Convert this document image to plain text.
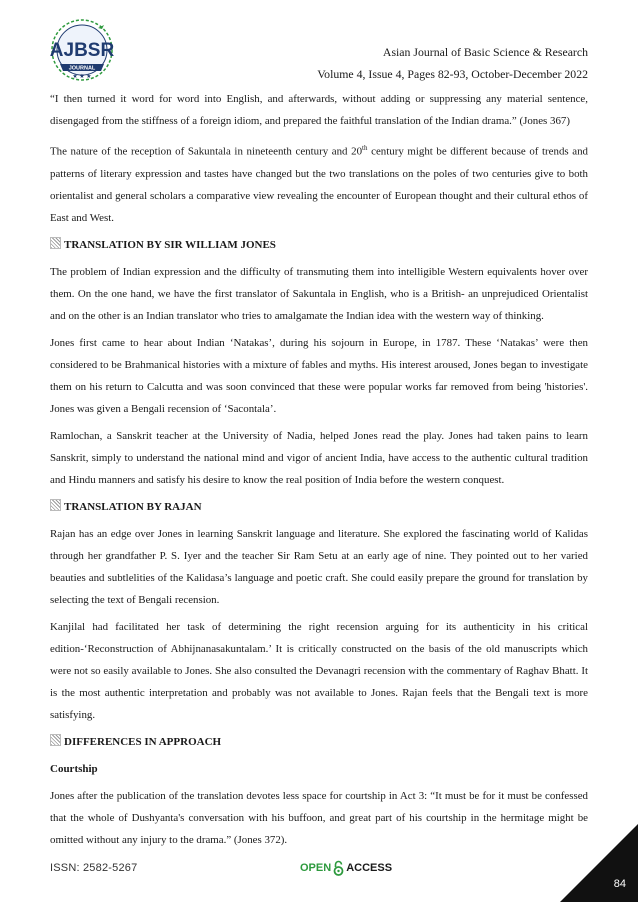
AJBSR
JOURNAL
★ ★ ★
Asian Journal of Basic Science & Research
Volume 4, Issue 4, Pages 82-93, October-December 2022

“I then turned it word for word into English, and afterwards, without adding or suppressing any material sentence, disengaged from the stiffness of a foreign idiom, and prepared the faithful translation of the Indian drama.” (Jones 367)

The nature of the reception of Sakuntala in nineteenth century and 20th century might be different because of trends and patterns of literary expression and tastes have changed but the two translations on the poles of two centuries give to both orientalist and general scholars a comparative view revealing the encounter of European thought and their cultural ethos of East and West.

TRANSLATION BY SIR WILLIAM JONES

The problem of Indian expression and the difficulty of transmuting them into intelligible Western equivalents hover over them. On the one hand, we have the first translator of Sakuntala in English, who is a British- an unprejudiced Orientalist and on the other is an Indian translator who tries to amalgamate the Indian idea with the western way of thinking.

Jones first came to hear about Indian ‘Natakas’, during his sojourn in Europe, in 1787. These ‘Natakas’ were then considered to be Brahmanical histories with a mixture of fables and myths. His interest aroused, Jones began to investigate them on his return to Calcutta and was soon convinced that these were popular works far removed from being 'histories'. Jones was given a Bengali recension of ‘Sacontala’.

Ramlochan, a Sanskrit teacher at the University of Nadia, helped Jones read the play. Jones had taken pains to learn Sanskrit, simply to understand the national mind and vigor of ancient India, have access to the authentic cultural tradition and Hindu manners and satisfy his desire to know the real position of India before the western conquest.

TRANSLATION BY RAJAN

Rajan has an edge over Jones in learning Sanskrit language and literature. She explored the fascinating world of Kalidas through her grandfather P. S. Iyer and the teacher Sir Ram Setu at an early age of nine. They pointed out to her varied beauties and subtlelities of the Kalidasa’s language and poetic craft. She could easily prepare the ground for translation by selecting the text of Bengali recension.

Kanjilal had facilitated her task of determining the right recension arguing for its authenticity in his critical edition-‘Reconstruction of Abhijnanasakuntalam.’ It is critically constructed on the basis of the old manuscripts which were not so easily available to Jones. She also consulted the Devanagri recension with the commentary of Raghav Bhatt. It is the most authentic interpretation and probably was not available to Jones. Rajan feels that the Bengali text is more satisfying.

DIFFERENCES IN APPROACH
Courtship

Jones after the publication of the translation devotes less space for courtship in Act 3: “It must be for it must be confessed that the whole of Dushyanta's conversation with his buffoon, and great part of his courtship in the hermitage might be omitted without any injury to the drama.” (Jones 372).

ISSN: 2582-5267	OPEN ACCESS
84
